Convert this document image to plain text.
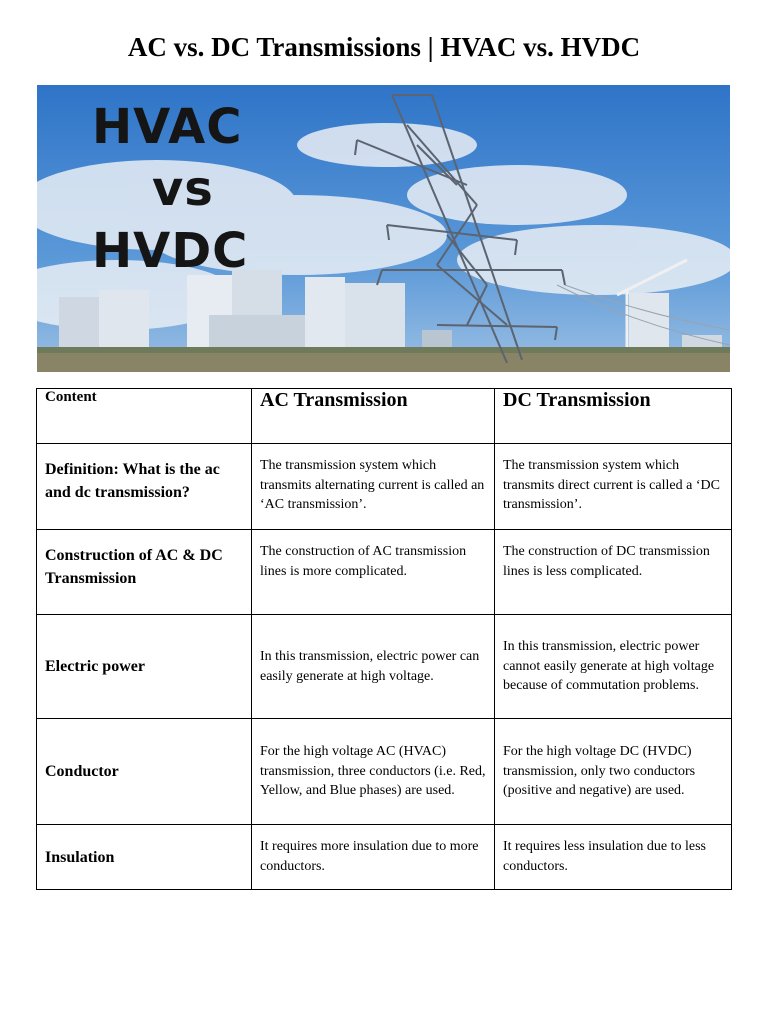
AC vs. DC Transmissions | HVAC vs. HVDC
HVAC
vs
HVDC
Content	AC Transmission	DC Transmission
Definition: What is the ac and dc transmission?	The transmission system which transmits alternating current is called an ‘AC transmission’.	The transmission system which transmits direct current is called a ‘DC transmission’.
Construction of AC & DC Transmission	The construction of AC transmission lines is more complicated.	The construction of DC transmission lines is less complicated.
Electric power	In this transmission, electric power can easily generate at high voltage.	In this transmission, electric power cannot easily generate at high voltage because of commutation problems.
Conductor	For the high voltage AC (HVAC) transmission, three conductors (i.e. Red, Yellow, and Blue phases) are used.	For the high voltage DC (HVDC) transmission, only two conductors (positive and negative) are used.
Insulation	It requires more insulation due to more conductors.	It requires less insulation due to less conductors.
